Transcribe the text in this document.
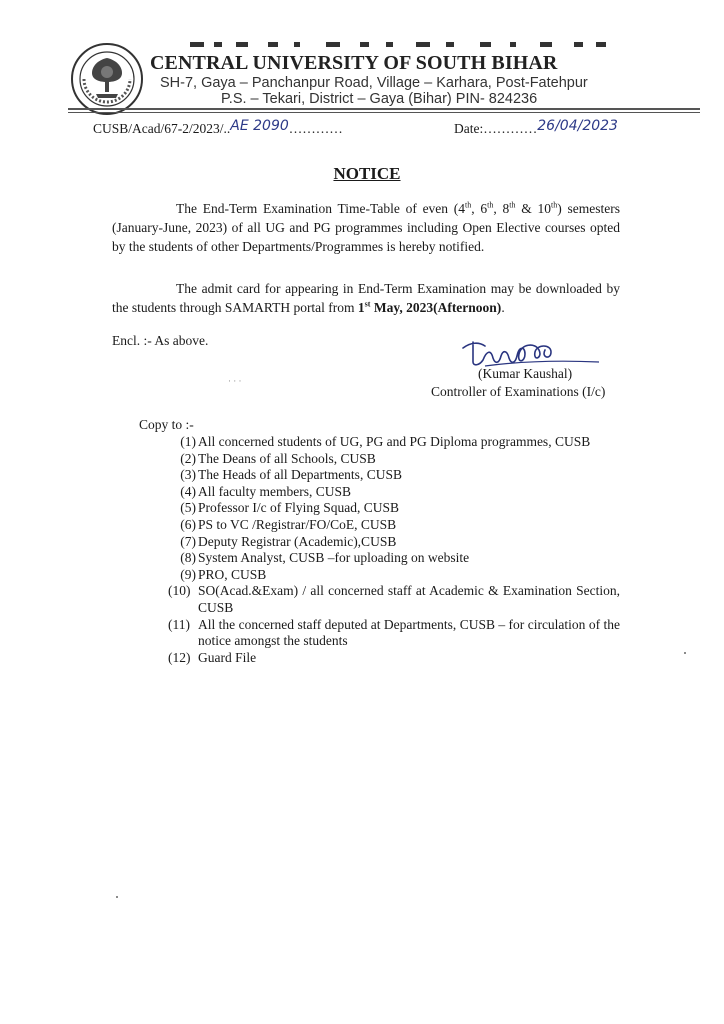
CENTRAL UNIVERSITY OF SOUTH BIHAR
SH-7, Gaya – Panchanpur Road, Village – Karhara, Post-Fatehpur
P.S. – Tekari, District – Gaya (Bihar) PIN- 824236
CUSB/Acad/67-2/2023/..AE 2090…………	Date:…………26/04/2023
NOTICE
The End-Term Examination Time-Table of even (4th, 6th, 8th & 10th) semesters (January-June, 2023) of all UG and PG programmes including Open Elective courses opted by the students of other Departments/Programmes is hereby notified.
The admit card for appearing in End-Term Examination may be downloaded by the students through SAMARTH portal from 1st May, 2023(Afternoon).
Encl. :- As above.
(Kumar Kaushal)
Controller of Examinations (I/c)
· · ·
Copy to :-
(1) All concerned students of UG, PG and PG Diploma programmes, CUSB
(2) The Deans of all Schools, CUSB
(3) The Heads of all Departments, CUSB
(4) All faculty members, CUSB
(5) Professor I/c of Flying Squad, CUSB
(6) PS to VC /Registrar/FO/CoE, CUSB
(7) Deputy Registrar (Academic),CUSB
(8) System Analyst, CUSB –for uploading on website
(9) PRO, CUSB
(10) SO(Acad.&Exam) / all concerned staff at Academic & Examination Section, CUSB
(11) All the concerned staff deputed at Departments, CUSB – for circulation of the notice amongst the students
(12) Guard File
